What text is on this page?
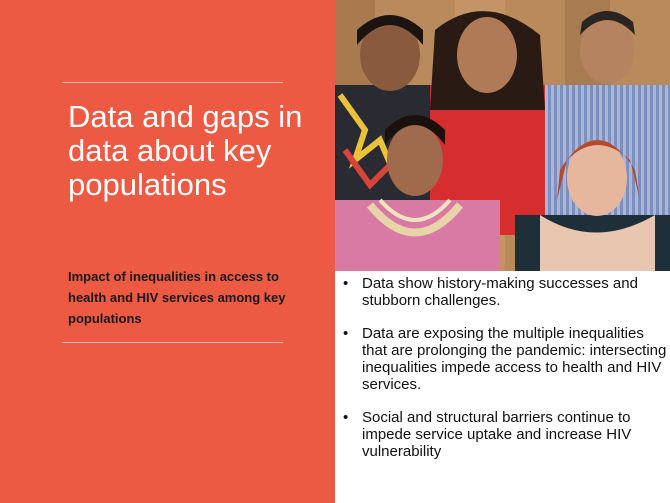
Data and gaps in data about key populations
Impact of inequalities in access to health and HIV services among key populations
• Data show history-making successes and stubborn challenges.
• Data are exposing the multiple inequalities that are prolonging the pandemic: intersecting inequalities impede access to health and HIV services.
• Social and structural barriers continue to impede service uptake and increase HIV vulnerability
